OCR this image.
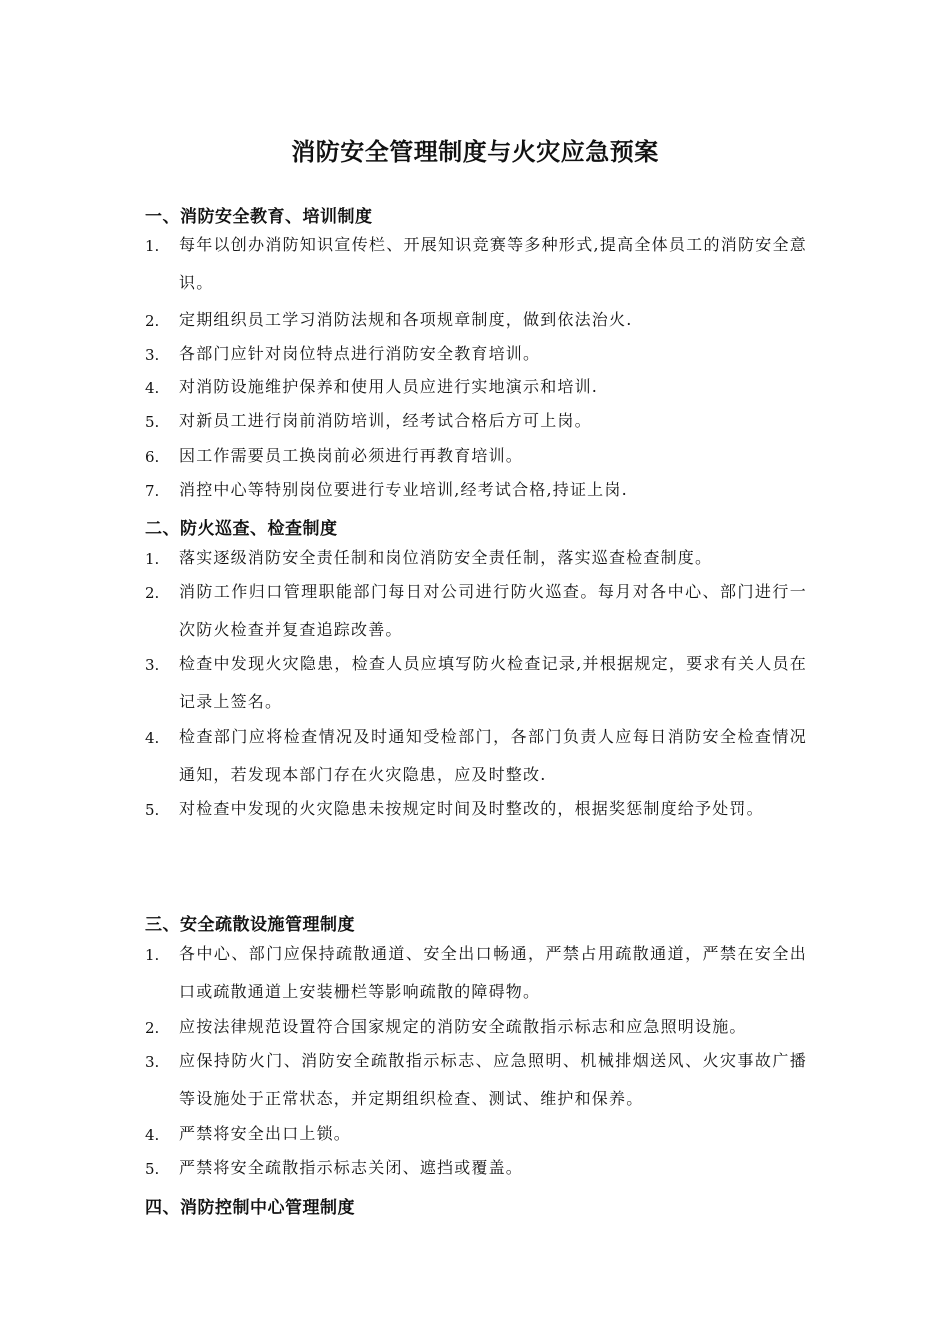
消防安全管理制度与火灾应急预案
一、消防安全教育、培训制度
1.	每年以创办消防知识宣传栏、开展知识竞赛等多种形式,提高全体员工的消防安全意识。
2.	定期组织员工学习消防法规和各项规章制度，做到依法治火.
3.	各部门应针对岗位特点进行消防安全教育培训。
4.	对消防设施维护保养和使用人员应进行实地演示和培训.
5.	对新员工进行岗前消防培训，经考试合格后方可上岗。
6.	因工作需要员工换岗前必须进行再教育培训。
7.	消控中心等特别岗位要进行专业培训,经考试合格,持证上岗.
二、防火巡查、检查制度
1.	落实逐级消防安全责任制和岗位消防安全责任制，落实巡查检查制度。
2.	消防工作归口管理职能部门每日对公司进行防火巡查。每月对各中心、部门进行一次防火检查并复查追踪改善。
3.	检查中发现火灾隐患，检查人员应填写防火检查记录,并根据规定，要求有关人员在记录上签名。
4.	检查部门应将检查情况及时通知受检部门，各部门负责人应每日消防安全检查情况通知，若发现本部门存在火灾隐患，应及时整改.
5.	对检查中发现的火灾隐患未按规定时间及时整改的，根据奖惩制度给予处罚。
三、安全疏散设施管理制度
1.	各中心、部门应保持疏散通道、安全出口畅通，严禁占用疏散通道，严禁在安全出口或疏散通道上安装栅栏等影响疏散的障碍物。
2.	应按法律规范设置符合国家规定的消防安全疏散指示标志和应急照明设施。
3.	应保持防火门、消防安全疏散指示标志、应急照明、机械排烟送风、火灾事故广播等设施处于正常状态，并定期组织检查、测试、维护和保养。
4.	严禁将安全出口上锁。
5.	严禁将安全疏散指示标志关闭、遮挡或覆盖。
四、消防控制中心管理制度
